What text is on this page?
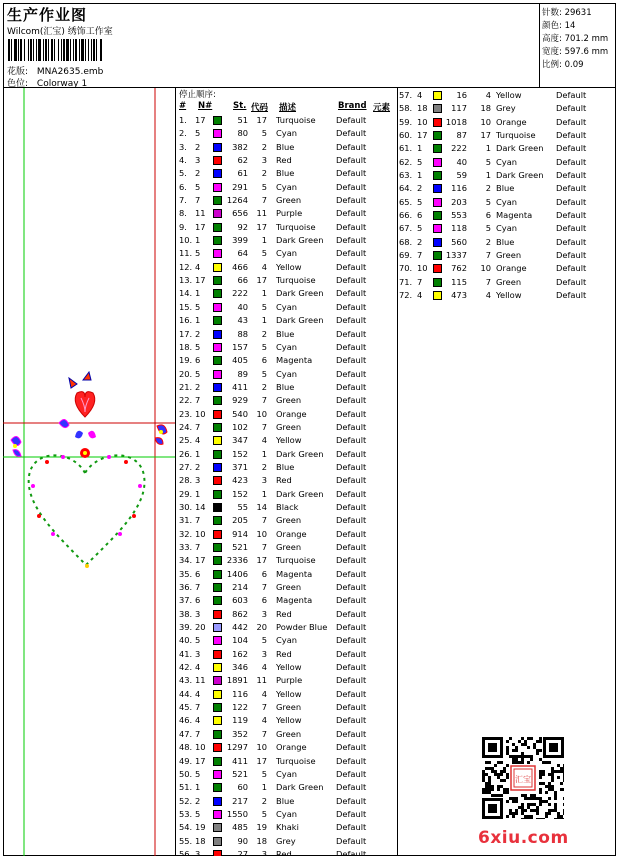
生产作业图
Wilcom(汇宝) 绣饰工作室
花版: MNA2635.emb
色位: Colorway 1
针数: 29631
颜色: 14
高度: 701.2 mm
宽度: 597.6 mm
比例: 0.09
停止顺序:
# N# St. 代码 描述	Brand 元素
1. 17	51	17 Turquoise Default
2. 5	80	5 Cyan	Default
3. 2	382	2 Blue	Default
4. 3	62	3 Red	Default
5. 2	61	2 Blue	Default
6. 5	291	5 Cyan	Default
7. 7	1264	7 Green	Default
8. 11	656	11 Purple	Default
9. 17	92	17 Turquoise Default
10. 1	399	1 Dark Green Default
11. 5	64	5 Cyan	Default
12. 4	466	4 Yellow	Default
13. 17	66	17 Turquoise Default
14. 1	222	1 Dark Green Default
15. 5	40	5 Cyan	Default
16. 1	43	1 Dark Green Default
17. 2	88	2 Blue	Default
18. 5	157	5 Cyan	Default
19. 6	405	6 Magenta	Default
20. 5	89	5 Cyan	Default
21. 2	411	2 Blue	Default
22. 7	929	7 Green	Default
23. 10	540	10 Orange	Default
24. 7	102	7 Green	Default
25. 4	347	4 Yellow	Default
26. 1	152	1 Dark Green Default
27. 2	371	2 Blue	Default
28. 3	423	3 Red	Default
29. 1	152	1 Dark Green Default
30. 14	55	14 Black	Default
31. 7	205	7 Green	Default
32. 10	914	10 Orange	Default
33. 7	521	7 Green	Default
34. 17	2336	17 Turquoise Default
35. 6	1406	6 Magenta	Default
36. 7	214	7 Green	Default
37. 6	603	6 Magenta	Default
38. 3	862	3 Red	Default
39. 20	442	20 Powder Blue Default
40. 5	104	5 Cyan	Default
41. 3	162	3 Red	Default
42. 4	346	4 Yellow	Default
43. 11	1891	11 Purple	Default
44. 4	116	4 Yellow	Default
45. 7	122	7 Green	Default
46. 4	119	4 Yellow	Default
47. 7	352	7 Green	Default
48. 10	1297	10 Orange	Default
49. 17	411	17 Turquoise Default
50. 5	521	5 Cyan	Default
51. 1	60	1 Dark Green Default
52. 2	217	2 Blue	Default
53. 5	1550	5 Cyan	Default
54. 19	485	19 Khaki	Default
55. 18	90	18 Grey	Default
56. 3	27	3 Red	Default
57. 4	16	4 Yellow	Default
58. 18	117	18 Grey	Default
59. 10	1018	10 Orange	Default
60. 17	87	17 Turquoise Default
61. 1	222	1 Dark Green Default
62. 5	40	5 Cyan	Default
63. 1	59	1 Dark Green Default
64. 2	116	2 Blue	Default
65. 5	203	5 Cyan	Default
66. 6	553	6 Magenta	Default
67. 5	118	5 Cyan	Default
68. 2	560	2 Blue	Default
69. 7	1337	7 Green	Default
70. 10	762	10 Orange	Default
71. 7	115	7 Green	Default
72. 4	473	4 Yellow	Default
汇宝
6xiu.com
